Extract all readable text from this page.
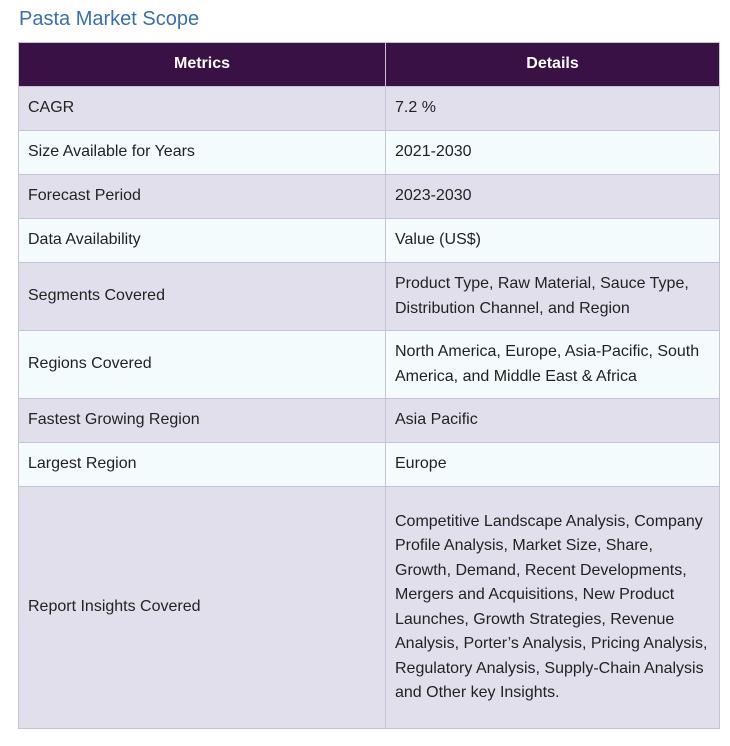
Pasta Market Scope
Metrics	Details
CAGR	7.2 %
Size Available for Years	2021-2030
Forecast Period	2023-2030
Data Availability	Value (US$)
Segments Covered	Product Type, Raw Material, Sauce Type, Distribution Channel, and Region
Regions Covered	North America, Europe, Asia-Pacific, South America, and Middle East & Africa
Fastest Growing Region	Asia Pacific
Largest Region	Europe
Report Insights Covered	Competitive Landscape Analysis, Company Profile Analysis, Market Size, Share, Growth, Demand, Recent Developments, Mergers and Acquisitions, New Product Launches, Growth Strategies, Revenue Analysis, Porter’s Analysis, Pricing Analysis, Regulatory Analysis, Supply-Chain Analysis and Other key Insights.
